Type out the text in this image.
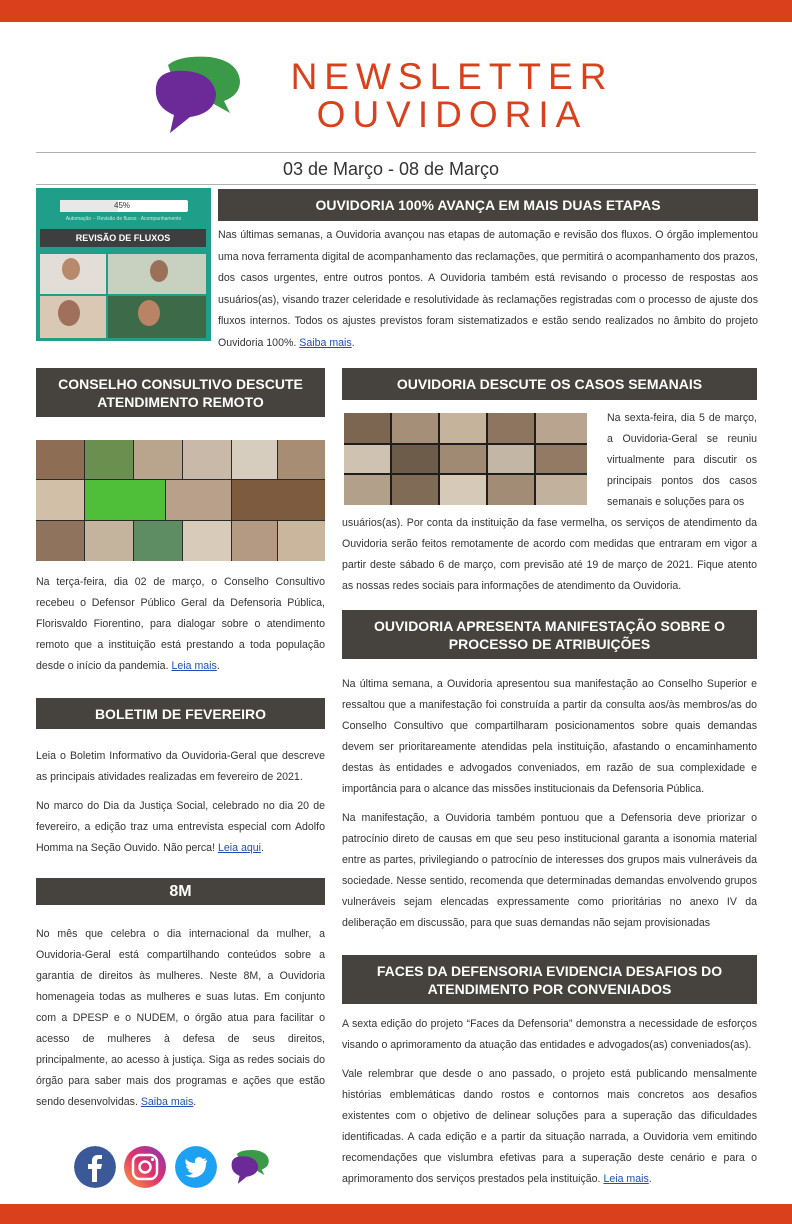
NEWSLETTER
OUVIDORIA
03 de Março - 08 de Março
45%
Automação ·· Revisão de fluxos · Acompanhamento
REVISÃO DE FLUXOS
OUVIDORIA 100% AVANÇA EM MAIS DUAS ETAPAS
Nas últimas semanas, a Ouvidoria avançou nas etapas de automação e revisão dos fluxos. O órgão implementou uma nova ferramenta digital de acompanhamento das reclamações, que permitirá o acompanhamento dos prazos, dos casos urgentes, entre outros pontos. A Ouvidoria também está revisando o processo de respostas aos usuários(as), visando trazer celeridade e resolutividade às reclamações registradas com o processo de ajuste dos fluxos internos. Todos os ajustes previstos foram sistematizados e estão sendo realizados no âmbito do projeto Ouvidoria 100%. Saiba mais.
CONSELHO CONSULTIVO DESCUTE
ATENDIMENTO REMOTO
Na terça-feira, dia 02 de março, o Conselho Consultivo recebeu o Defensor Público Geral da Defensoria Pública, Florisvaldo Fiorentino, para dialogar sobre o atendimento remoto que a instituição está prestando a toda população desde o início da pandemia. Leia mais.
BOLETIM DE FEVEREIRO

Leia o Boletim Informativo da Ouvidoria-Geral que descreve as principais atividades realizadas em fevereiro de 2021.

No marco do Dia da Justiça Social, celebrado no dia 20 de fevereiro, a edição traz uma entrevista especial com Adolfo Homma na Seção Ouvido. Não perca! Leia aqui.

8M
No mês que celebra o dia internacional da mulher, a Ouvidoria-Geral está compartilhando conteúdos sobre a garantia de direitos às mulheres. Neste 8M, a Ouvidoria homenageia todas as mulheres e suas lutas. Em conjunto com a DPESP e o NUDEM, o órgão atua para facilitar o acesso de mulheres à defesa de seus direitos, principalmente, ao acesso à justiça. Siga as redes sociais do órgão para saber mais dos programas e ações que estão sendo desenvolvidas. Saiba mais.
OUVIDORIA DESCUTE OS CASOS SEMANAIS
Na sexta-feira, dia 5 de março, a Ouvidoria-Geral se reuniu virtualmente para discutir os principais pontos dos casos semanais e soluções para os
usuários(as). Por conta da instituição da fase vermelha, os serviços de atendimento da Ouvidoria serão feitos remotamente de acordo com medidas que entraram em vigor a partir deste sábado 6 de março, com previsão até 19 de março de 2021. Fique atento as nossas redes sociais para informações de atendimento da Ouvidoria.
OUVIDORIA APRESENTA MANIFESTAÇÃO SOBRE O
PROCESSO DE ATRIBUIÇÕES

Na última semana, a Ouvidoria apresentou sua manifestação ao Conselho Superior e ressaltou que a manifestação foi construída a partir da consulta aos/às membros/as do Conselho Consultivo que compartilharam posicionamentos sobre quais demandas devem ser prioritareamente atendidas pela instituição, afastando o encaminhamento destas às entidades e advogados conveniados, em razão de sua complexidade e importância para o alcance das missões institucionais da Defensoria Pública.

Na manifestação, a Ouvidoria também pontuou que a Defensoria deve priorizar o patrocínio direto de causas em que seu peso institucional garanta a isonomia material entre as partes, privilegiando o patrocínio de interesses dos grupos mais vulneráveis da sociedade. Nesse sentido, recomenda que determinadas demandas envolvendo grupos vulneráveis sejam elencadas expressamente como prioritárias no anexo IV da deliberação em discussão, para que suas demandas não sejam provisionadas

FACES DA DEFENSORIA EVIDENCIA DESAFIOS DO
ATENDIMENTO POR CONVENIADOS

A sexta edição do projeto “Faces da Defensoria” demonstra a necessidade de esforços visando o aprimoramento da atuação das entidades e advogados(as) conveniados(as).

Vale relembrar que desde o ano passado, o projeto está publicando mensalmente histórias emblemáticas dando rostos e contornos mais concretos aos desafios existentes com o objetivo de delinear soluções para a superação das dificuldades identificadas. A cada edição e a partir da situação narrada, a Ouvidoria vem emitindo recomendações que vislumbra efetivas para a superação deste cenário e para o aprimoramento dos serviços prestados pela instituição. Leia mais.
